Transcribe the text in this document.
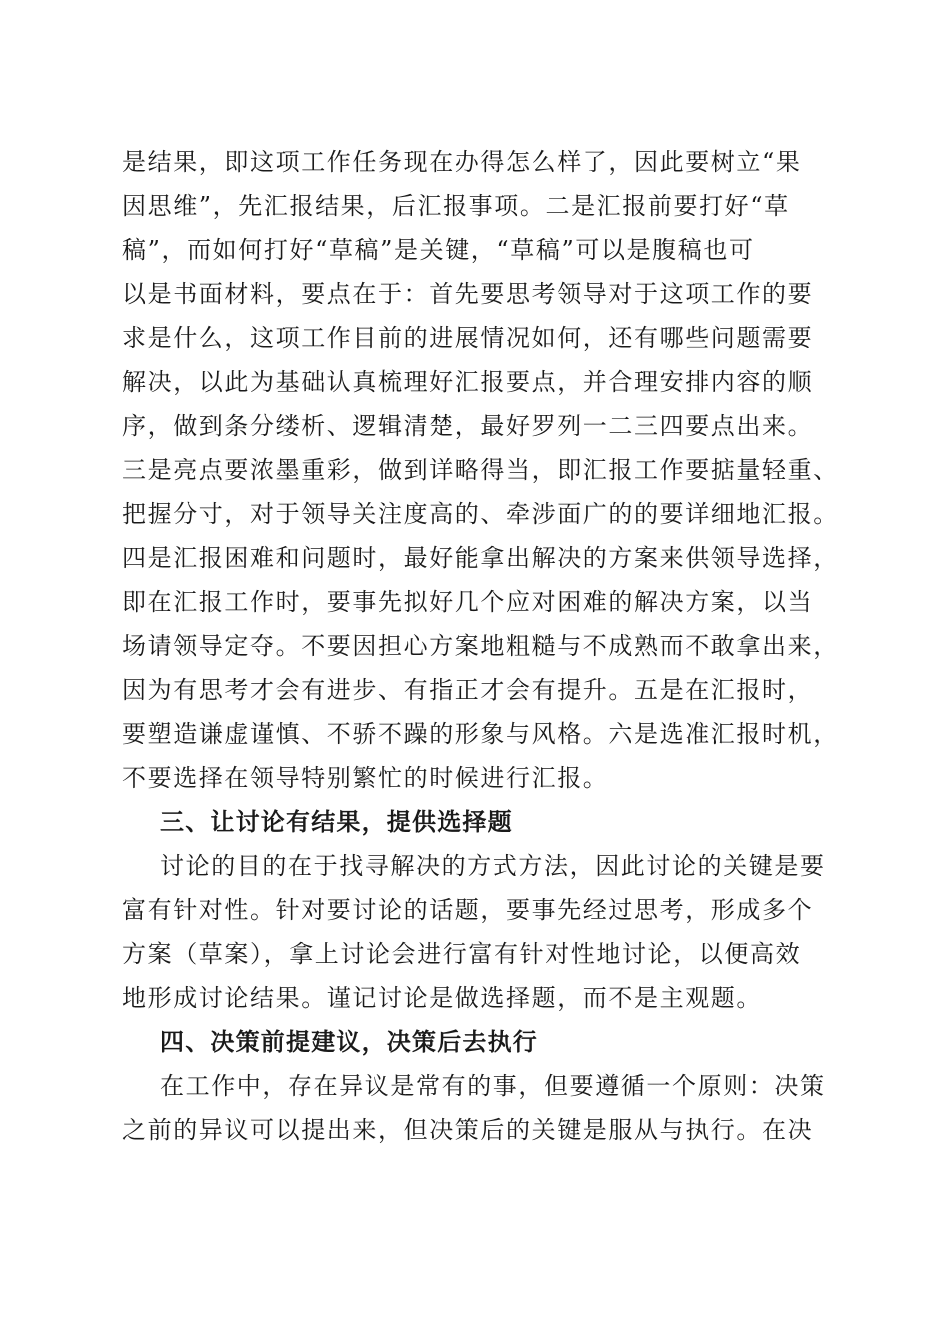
是结果，即这项工作任务现在办得怎么样了，因此要树立“果
因思维”，先汇报结果，后汇报事项。二是汇报前要打好“草
稿”，而如何打好“草稿”是关键，“草稿”可以是腹稿也可
以是书面材料，要点在于：首先要思考领导对于这项工作的要
求是什么，这项工作目前的进展情况如何，还有哪些问题需要
解决，以此为基础认真梳理好汇报要点，并合理安排内容的顺
序，做到条分缕析、逻辑清楚，最好罗列一二三四要点出来。
三是亮点要浓墨重彩，做到详略得当，即汇报工作要掂量轻重、
把握分寸，对于领导关注度高的、牵涉面广的的要详细地汇报。
四是汇报困难和问题时，最好能拿出解决的方案来供领导选择，
即在汇报工作时，要事先拟好几个应对困难的解决方案，以当
场请领导定夺。不要因担心方案地粗糙与不成熟而不敢拿出来，
因为有思考才会有进步、有指正才会有提升。五是在汇报时，
要塑造谦虚谨慎、不骄不躁的形象与风格。六是选准汇报时机，
不要选择在领导特别繁忙的时候进行汇报。
三、让讨论有结果，提供选择题
讨论的目的在于找寻解决的方式方法，因此讨论的关键是要
富有针对性。针对要讨论的话题，要事先经过思考，形成多个
方案（草案），拿上讨论会进行富有针对性地讨论，以便高效
地形成讨论结果。谨记讨论是做选择题，而不是主观题。
四、决策前提建议，决策后去执行
在工作中，存在异议是常有的事，但要遵循一个原则：决策
之前的异议可以提出来，但决策后的关键是服从与执行。在决
